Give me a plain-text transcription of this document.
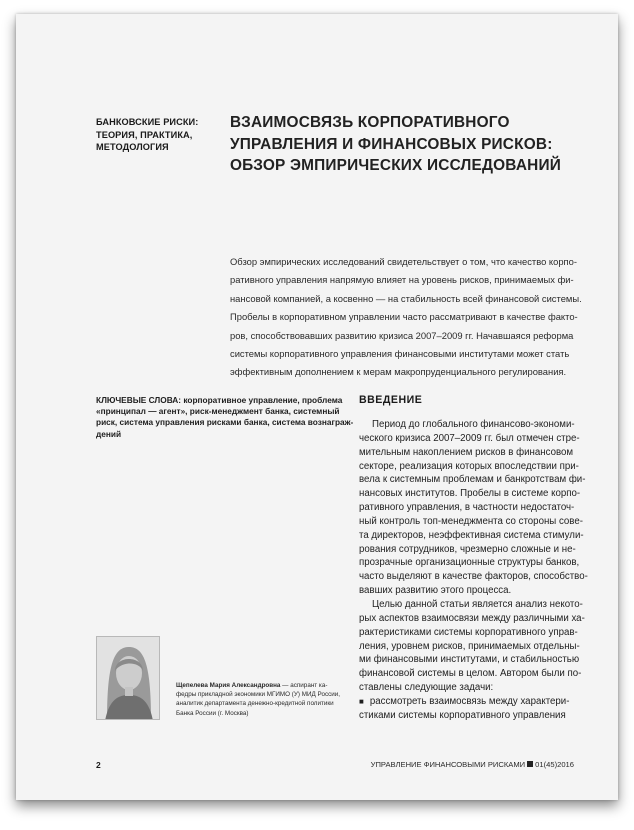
БАНКОВСКИЕ РИСКИ:
ТЕОРИЯ, ПРАКТИКА,
МЕТОДОЛОГИЯ
ВЗАИМОСВЯЗЬ КОРПОРАТИВНОГО
УПРАВЛЕНИЯ И ФИНАНСОВЫХ РИСКОВ:
ОБЗОР ЭМПИРИЧЕСКИХ ИССЛЕДОВАНИЙ
Обзор эмпирических исследований свидетельствует о том, что качество корпо-
ративного управления напрямую влияет на уровень рисков, принимаемых фи-
нансовой компанией, а косвенно — на стабильность всей финансовой системы.
Пробелы в корпоративном управлении часто рассматривают в качестве факто-
ров, способствовавших развитию кризиса 2007–2009 гг. Начавшаяся реформа
системы корпоративного управления финансовыми институтами может стать
эффективным дополнением к мерам макропруденциального регулирования.
КЛЮЧЕВЫЕ СЛОВА: корпоративное управление, проблема
«принципал — агент», риск-менеджмент банка, системный
риск, система управления рисками банка, система вознаграж-
дений
ВВЕДЕНИЕ
Период до глобального финансово-экономи-
ческого кризиса 2007–2009 гг. был отмечен стре-
мительным накоплением рисков в финансовом
секторе, реализация которых впоследствии при-
вела к системным проблемам и банкротствам фи-
нансовых институтов. Пробелы в системе корпо-
ративного управления, в частности недостаточ-
ный контроль топ-менеджмента со стороны сове-
та директоров, неэффективная система стимули-
рования сотрудников, чрезмерно сложные и не-
прозрачные организационные структуры банков,
часто выделяют в качестве факторов, способство-
вавших развитию этого процесса.
Целью данной статьи является анализ некото-
рых аспектов взаимосвязи между различными ха-
рактеристиками системы корпоративного управ-
ления, уровнем рисков, принимаемых отдельны-
ми финансовыми институтами, и стабильностью
финансовой системы в целом. Автором были по-
ставлены следующие задачи:
■ рассмотреть взаимосвязь между характери-
стиками системы корпоративного управления
Щепелева Мария Александровна — аспирант ка-
федры прикладной экономики МГИМО (У) МИД России,
аналитик департамента денежно-кредитной политики
Банка России (г. Москва)
2	УПРАВЛЕНИЕ ФИНАНСОВЫМИ РИСКАМИ 01(45)2016
